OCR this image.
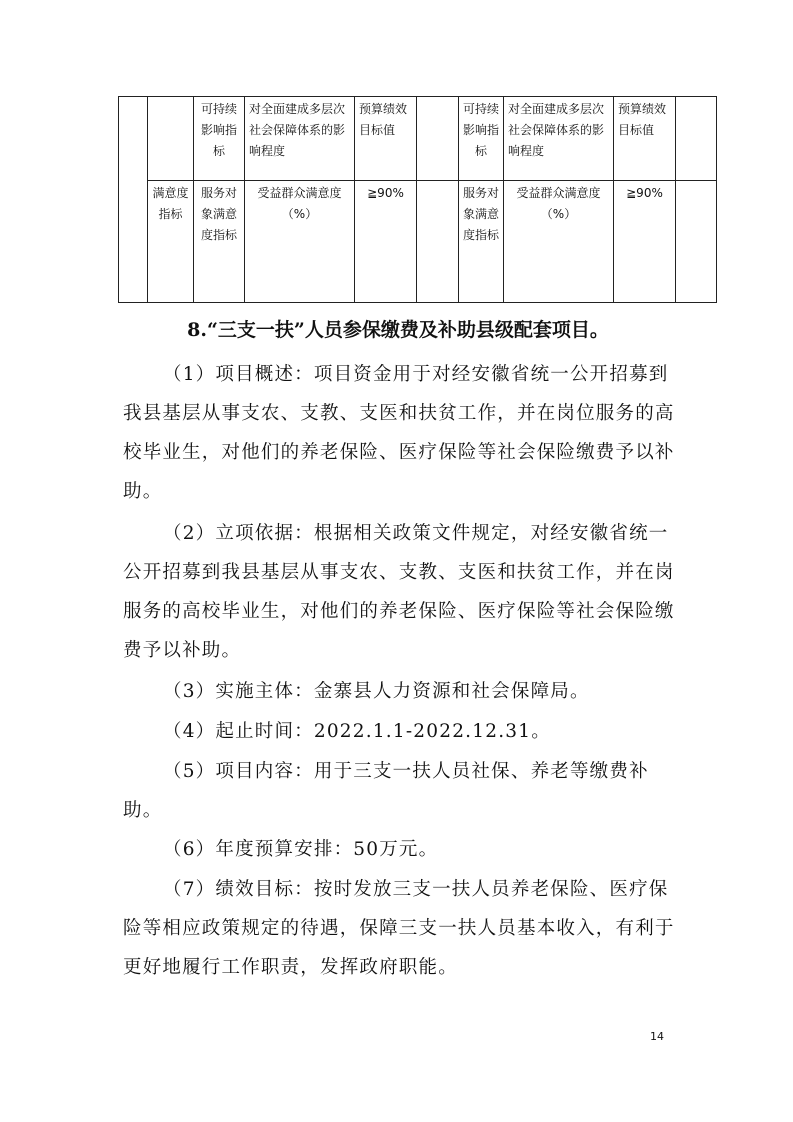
		可持续影响指标	对全面建成多层次社会保障体系的影响程度	预算绩效目标值		可持续影响指标	对全面建成多层次社会保障体系的影响程度	预算绩效目标值	
	满意度指标	服务对象满意度指标	受益群众满意度（%）	≧90%		服务对象满意度指标	受益群众满意度（%）	≧90%	
8.“三支一扶”人员参保缴费及补助县级配套项目。
（1）项目概述：项目资金用于对经安徽省统一公开招募到我县基层从事支农、支教、支医和扶贫工作，并在岗位服务的高校毕业生，对他们的养老保险、医疗保险等社会保险缴费予以补助。
（2）立项依据：根据相关政策文件规定，对经安徽省统一公开招募到我县基层从事支农、支教、支医和扶贫工作，并在岗服务的高校毕业生，对他们的养老保险、医疗保险等社会保险缴费予以补助。
（3）实施主体：金寨县人力资源和社会保障局。
（4）起止时间：2022.1.1-2022.12.31。
（5）项目内容：用于三支一扶人员社保、养老等缴费补助。
（6）年度预算安排：50万元。
（7）绩效目标：按时发放三支一扶人员养老保险、医疗保险等相应政策规定的待遇，保障三支一扶人员基本收入，有利于更好地履行工作职责，发挥政府职能。
14
